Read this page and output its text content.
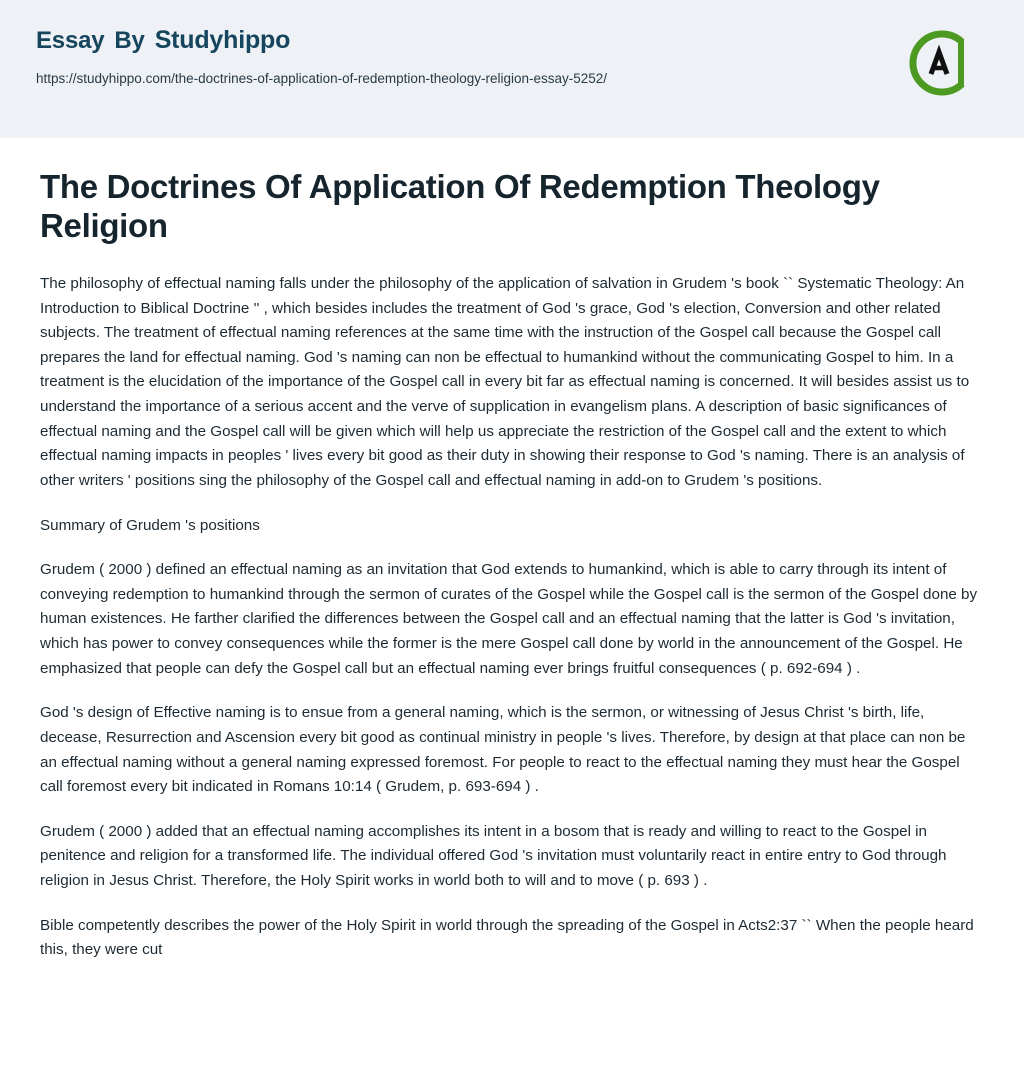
Essay By Studyhippo
https://studyhippo.com/the-doctrines-of-application-of-redemption-theology-religion-essay-5252/
The Doctrines Of Application Of Redemption Theology Religion

The philosophy of effectual naming falls under the philosophy of the application of salvation in Grudem 's book `` Systematic Theology: An Introduction to Biblical Doctrine '' , which besides includes the treatment of God 's grace, God 's election, Conversion and other related subjects. The treatment of effectual naming references at the same time with the instruction of the Gospel call because the Gospel call prepares the land for effectual naming. God 's naming can non be effectual to humankind without the communicating Gospel to him. In a treatment is the elucidation of the importance of the Gospel call in every bit far as effectual naming is concerned. It will besides assist us to understand the importance of a serious accent and the verve of supplication in evangelism plans. A description of basic significances of effectual naming and the Gospel call will be given which will help us appreciate the restriction of the Gospel call and the extent to which effectual naming impacts in peoples ' lives every bit good as their duty in showing their response to God 's naming. There is an analysis of other writers ' positions sing the philosophy of the Gospel call and effectual naming in add-on to Grudem 's positions.

Summary of Grudem 's positions

Grudem ( 2000 ) defined an effectual naming as an invitation that God extends to humankind, which is able to carry through its intent of conveying redemption to humankind through the sermon of curates of the Gospel while the Gospel call is the sermon of the Gospel done by human existences. He farther clarified the differences between the Gospel call and an effectual naming that the latter is God 's invitation, which has power to convey consequences while the former is the mere Gospel call done by world in the announcement of the Gospel. He emphasized that people can defy the Gospel call but an effectual naming ever brings fruitful consequences ( p. 692-694 ) .

God 's design of Effective naming is to ensue from a general naming, which is the sermon, or witnessing of Jesus Christ 's birth, life, decease, Resurrection and Ascension every bit good as continual ministry in people 's lives. Therefore, by design at that place can non be an effectual naming without a general naming expressed foremost. For people to react to the effectual naming they must hear the Gospel call foremost every bit indicated in Romans 10:14 ( Grudem, p. 693-694 ) .

Grudem ( 2000 ) added that an effectual naming accomplishes its intent in a bosom that is ready and willing to react to the Gospel in penitence and religion for a transformed life. The individual offered God 's invitation must voluntarily react in entire entry to God through religion in Jesus Christ. Therefore, the Holy Spirit works in world both to will and to move ( p. 693 ) .

Bible competently describes the power of the Holy Spirit in world through the spreading of the Gospel in Acts2:37 `` When the people heard this, they were cut
